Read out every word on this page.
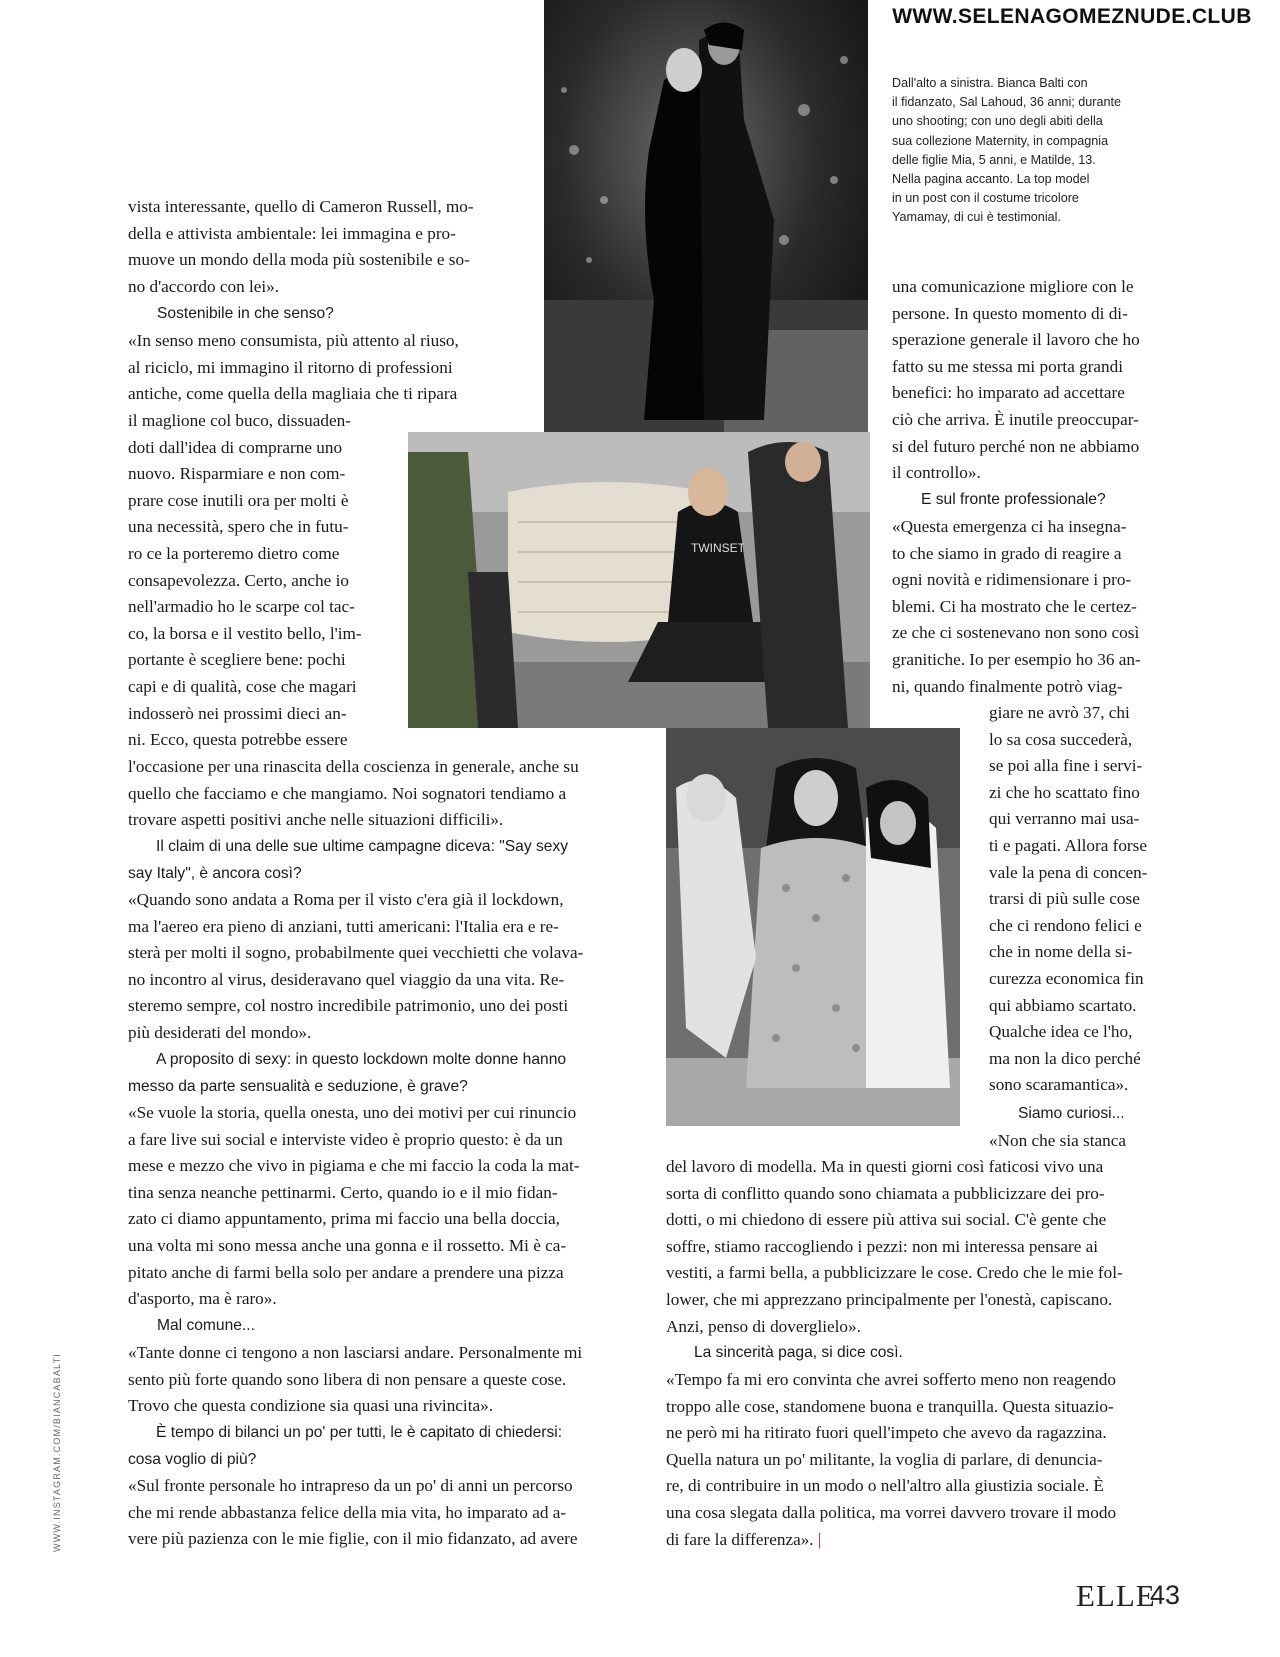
WWW.SELENAGOMEZNUDE.CLUB
TWINSET
Dall'alto a sinistra. Bianca Balti con
il fidanzato, Sal Lahoud, 36 anni; durante
uno shooting; con uno degli abiti della
sua collezione Maternity, in compagnia
delle figlie Mia, 5 anni, e Matilde, 13.
Nella pagina accanto. La top model
in un post con il costume tricolore
Yamamay, di cui è testimonial.
vista interessante, quello di Cameron Russell, mo-
della e attivista ambientale: lei immagina e pro-
muove un mondo della moda più sostenibile e so-
no d'accordo con lei».
Sostenibile in che senso?
«In senso meno consumista, più attento al riuso,
al riciclo, mi immagino il ritorno di professioni
antiche, come quella della magliaia che ti ripara
il maglione col buco, dissuaden-
doti dall'idea di comprarne uno
nuovo. Risparmiare e non com-
prare cose inutili ora per molti è
una necessità, spero che in futu-
ro ce la porteremo dietro come
consapevolezza. Certo, anche io
nell'armadio ho le scarpe col tac-
co, la borsa e il vestito bello, l'im-
portante è scegliere bene: pochi
capi e di qualità, cose che magari
indosserò nei prossimi dieci an-
ni. Ecco, questa potrebbe essere
l'occasione per una rinascita della coscienza in generale, anche su
quello che facciamo e che mangiamo. Noi sognatori tendiamo a
trovare aspetti positivi anche nelle situazioni difficili».
Il claim di una delle sue ultime campagne diceva: "Say sexy
say Italy", è ancora così?
«Quando sono andata a Roma per il visto c'era già il lockdown,
ma l'aereo era pieno di anziani, tutti americani: l'Italia era e re-
sterà per molti il sogno, probabilmente quei vecchietti che volava-
no incontro al virus, desideravano quel viaggio da una vita. Re-
steremo sempre, col nostro incredibile patrimonio, uno dei posti
più desiderati del mondo».
A proposito di sexy: in questo lockdown molte donne hanno
messo da parte sensualità e seduzione, è grave?
«Se vuole la storia, quella onesta, uno dei motivi per cui rinuncio
a fare live sui social e interviste video è proprio questo: è da un
mese e mezzo che vivo in pigiama e che mi faccio la coda la mat-
tina senza neanche pettinarmi. Certo, quando io e il mio fidan-
zato ci diamo appuntamento, prima mi faccio una bella doccia,
una volta mi sono messa anche una gonna e il rossetto. Mi è ca-
pitato anche di farmi bella solo per andare a prendere una pizza
d'asporto, ma è raro».
Mal comune...
«Tante donne ci tengono a non lasciarsi andare. Personalmente mi
sento più forte quando sono libera di non pensare a queste cose.
Trovo che questa condizione sia quasi una rivincita».
È tempo di bilanci un po' per tutti, le è capitato di chiedersi:
cosa voglio di più?
«Sul fronte personale ho intrapreso da un po' di anni un percorso
che mi rende abbastanza felice della mia vita, ho imparato ad a-
vere più pazienza con le mie figlie, con il mio fidanzato, ad avere
una comunicazione migliore con le
persone. In questo momento di di-
sperazione generale il lavoro che ho
fatto su me stessa mi porta grandi
benefici: ho imparato ad accettare
ciò che arriva. È inutile preoccupar-
si del futuro perché non ne abbiamo
il controllo».
E sul fronte professionale?
«Questa emergenza ci ha insegna-
to che siamo in grado di reagire a
ogni novità e ridimensionare i pro-
blemi. Ci ha mostrato che le certez-
ze che ci sostenevano non sono così
granitiche. Io per esempio ho 36 an-
ni, quando finalmente potrò viag-
giare ne avrò 37, chi
lo sa cosa succederà,
se poi alla fine i servi-
zi che ho scattato fino
qui verranno mai usa-
ti e pagati. Allora forse
vale la pena di concen-
trarsi di più sulle cose
che ci rendono felici e
che in nome della si-
curezza economica fin
qui abbiamo scartato.
Qualche idea ce l'ho,
ma non la dico perché
sono scaramantica».
Siamo curiosi...
«Non che sia stanca
del lavoro di modella. Ma in questi giorni così faticosi vivo una
sorta di conflitto quando sono chiamata a pubblicizzare dei pro-
dotti, o mi chiedono di essere più attiva sui social. C'è gente che
soffre, stiamo raccogliendo i pezzi: non mi interessa pensare ai
vestiti, a farmi bella, a pubblicizzare le cose. Credo che le mie fol-
lower, che mi apprezzano principalmente per l'onestà, capiscano.
Anzi, penso di doverglielo».
La sincerità paga, si dice così.
«Tempo fa mi ero convinta che avrei sofferto meno non reagendo
troppo alle cose, standomene buona e tranquilla. Questa situazio-
ne però mi ha ritirato fuori quell'impeto che avevo da ragazzina.
Quella natura un po' militante, la voglia di parlare, di denuncia-
re, di contribuire in un modo o nell'altro alla giustizia sociale. È
una cosa slegata dalla politica, ma vorrei davvero trovare il modo
di fare la differenza». |
WWW.INSTAGRAM.COM/BIANCABALTI
ELLE
43
